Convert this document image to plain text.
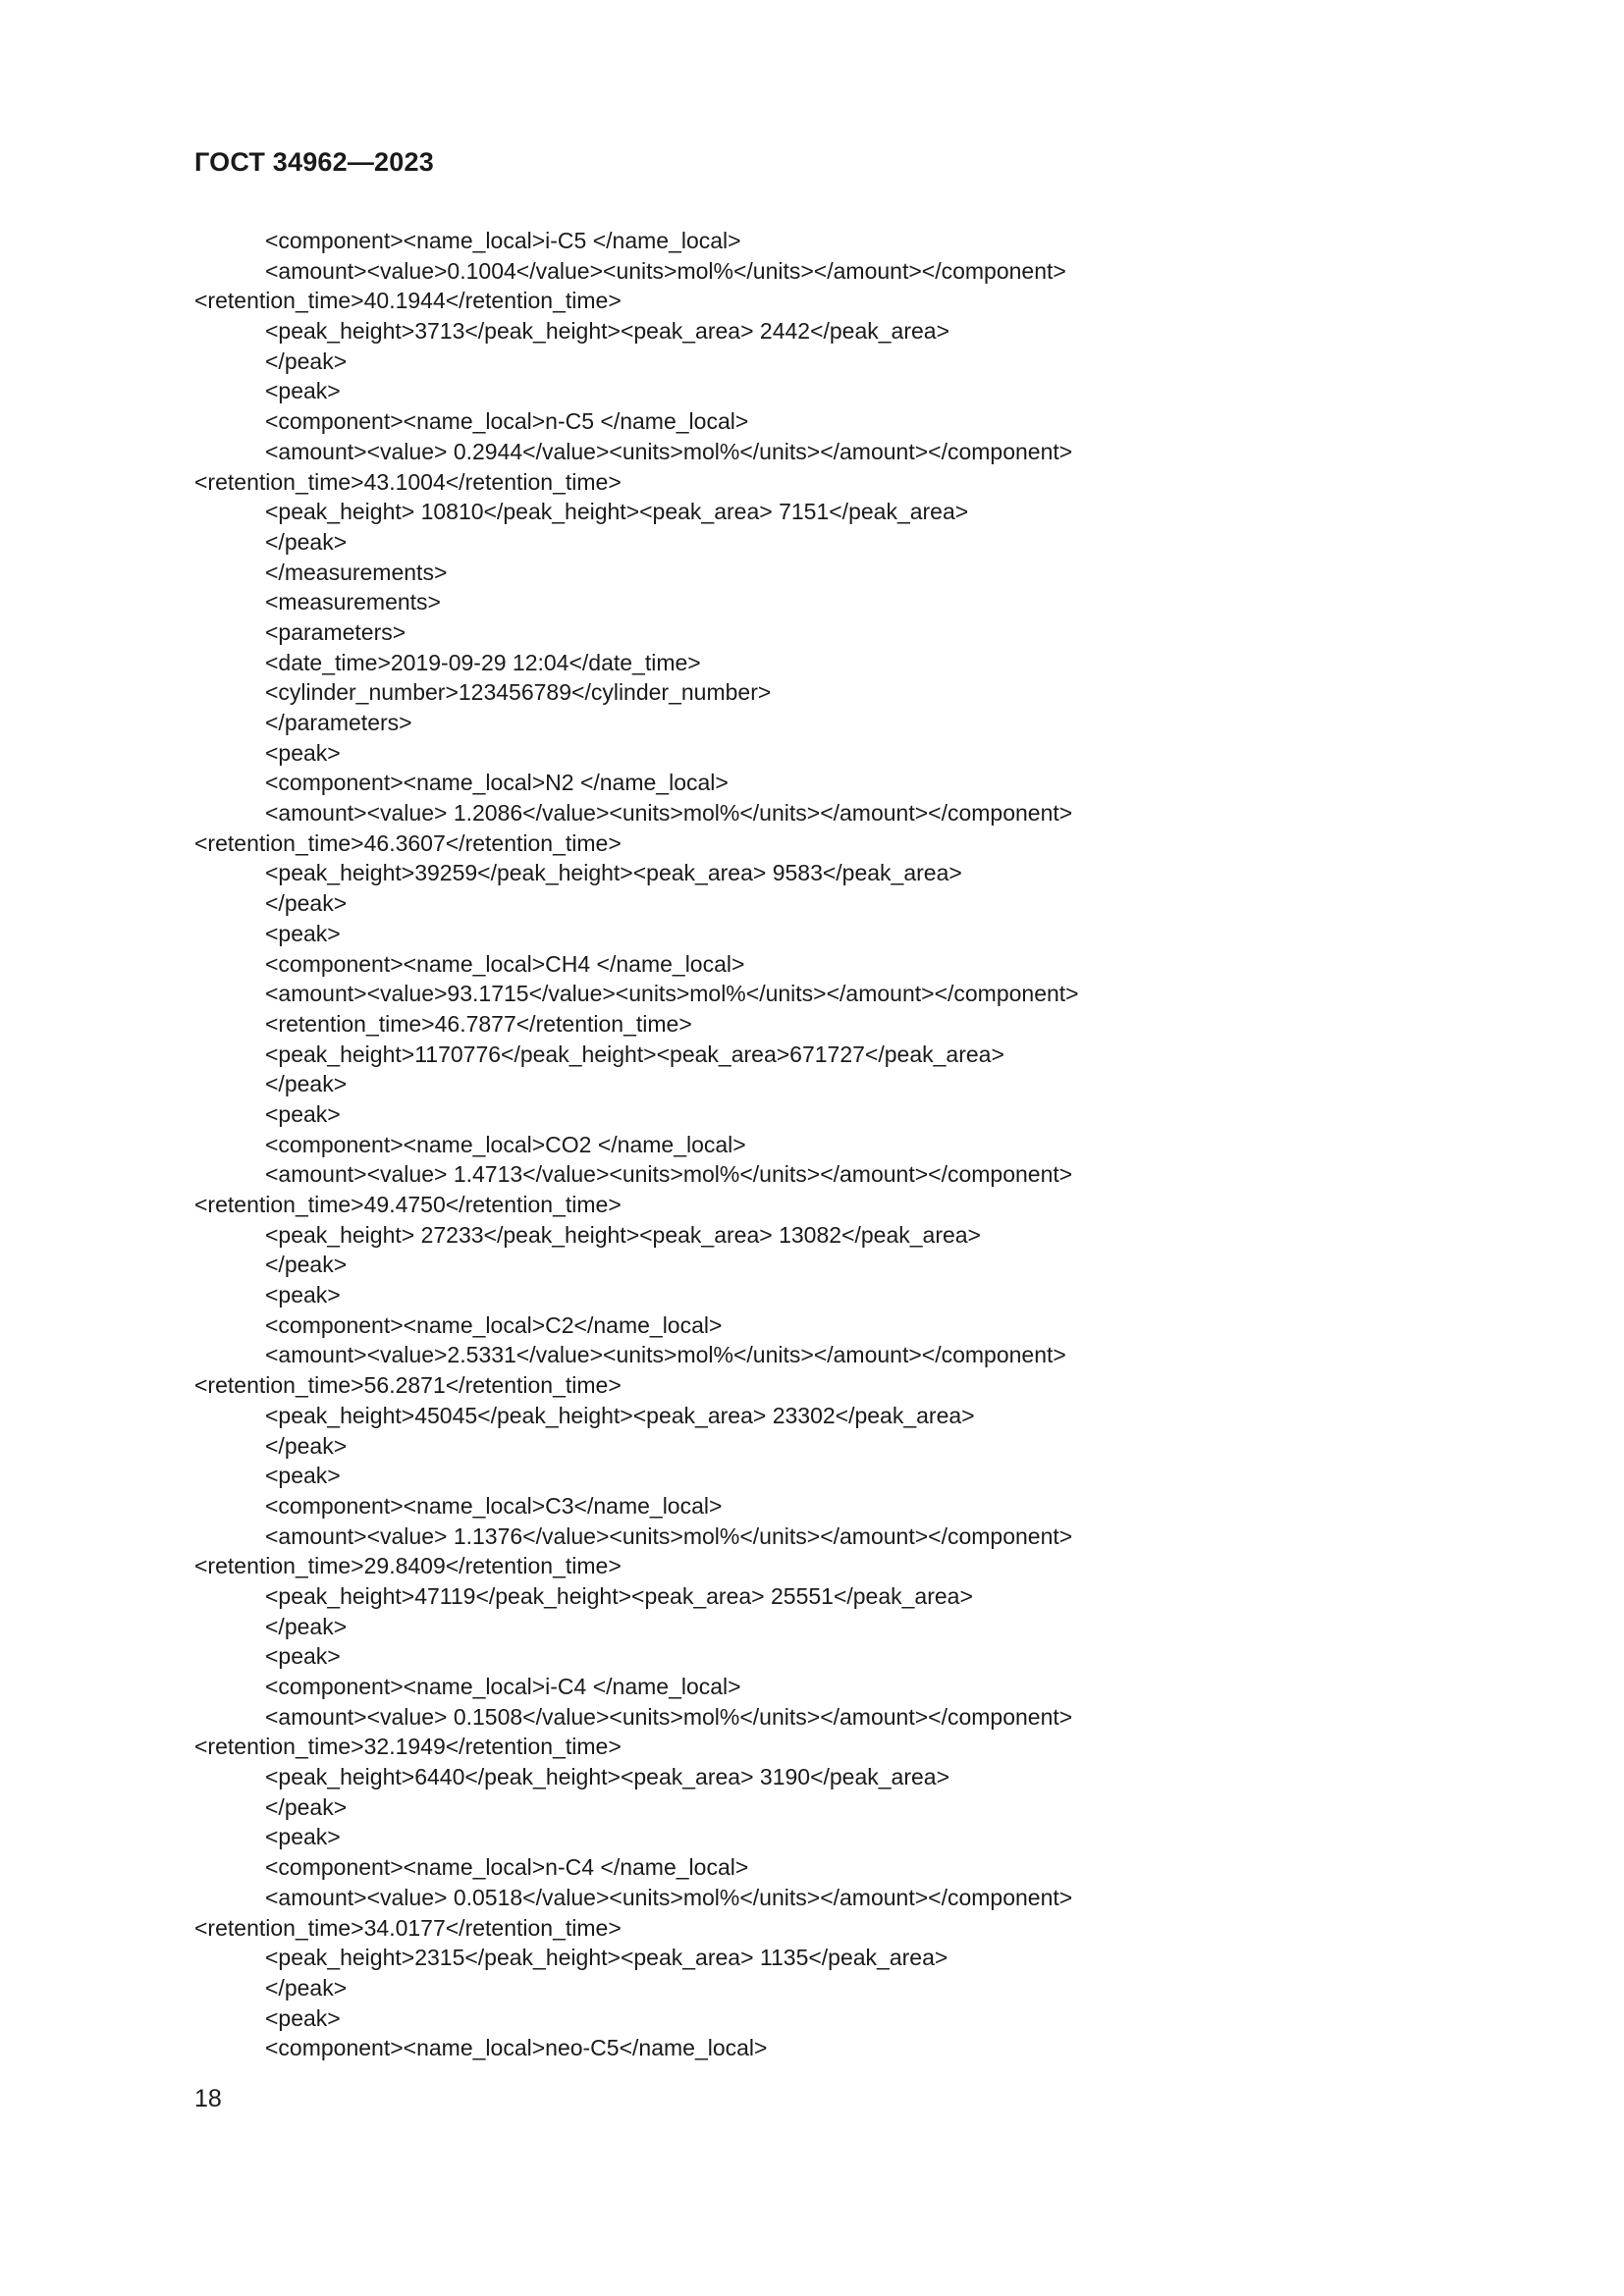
ГОСТ 34962—2023
<component><name_local>i-C5 </name_local>
<amount><value>0.1004</value><units>mol%</units></amount></component>
<retention_time>40.1944</retention_time>
<peak_height>3713</peak_height><peak_area> 2442</peak_area>
</peak>
<peak>
<component><name_local>n-C5 </name_local>
<amount><value> 0.2944</value><units>mol%</units></amount></component>
<retention_time>43.1004</retention_time>
<peak_height> 10810</peak_height><peak_area> 7151</peak_area>
</peak>
</measurements>
<measurements>
<parameters>
<date_time>2019-09-29 12:04</date_time>
<cylinder_number>123456789</cylinder_number>
</parameters>
<peak>
<component><name_local>N2 </name_local>
<amount><value> 1.2086</value><units>mol%</units></amount></component>
<retention_time>46.3607</retention_time>
<peak_height>39259</peak_height><peak_area> 9583</peak_area>
</peak>
<peak>
<component><name_local>CH4 </name_local>
<amount><value>93.1715</value><units>mol%</units></amount></component>
<retention_time>46.7877</retention_time>
<peak_height>1170776</peak_height><peak_area>671727</peak_area>
</peak>
<peak>
<component><name_local>CO2 </name_local>
<amount><value> 1.4713</value><units>mol%</units></amount></component>
<retention_time>49.4750</retention_time>
<peak_height> 27233</peak_height><peak_area> 13082</peak_area>
</peak>
<peak>
<component><name_local>C2</name_local>
<amount><value>2.5331</value><units>mol%</units></amount></component>
<retention_time>56.2871</retention_time>
<peak_height>45045</peak_height><peak_area> 23302</peak_area>
</peak>
<peak>
<component><name_local>C3</name_local>
<amount><value> 1.1376</value><units>mol%</units></amount></component>
<retention_time>29.8409</retention_time>
<peak_height>47119</peak_height><peak_area> 25551</peak_area>
</peak>
<peak>
<component><name_local>i-C4 </name_local>
<amount><value> 0.1508</value><units>mol%</units></amount></component>
<retention_time>32.1949</retention_time>
<peak_height>6440</peak_height><peak_area> 3190</peak_area>
</peak>
<peak>
<component><name_local>n-C4 </name_local>
<amount><value> 0.0518</value><units>mol%</units></amount></component>
<retention_time>34.0177</retention_time>
<peak_height>2315</peak_height><peak_area> 1135</peak_area>
</peak>
<peak>
<component><name_local>neo-C5</name_local>
18
